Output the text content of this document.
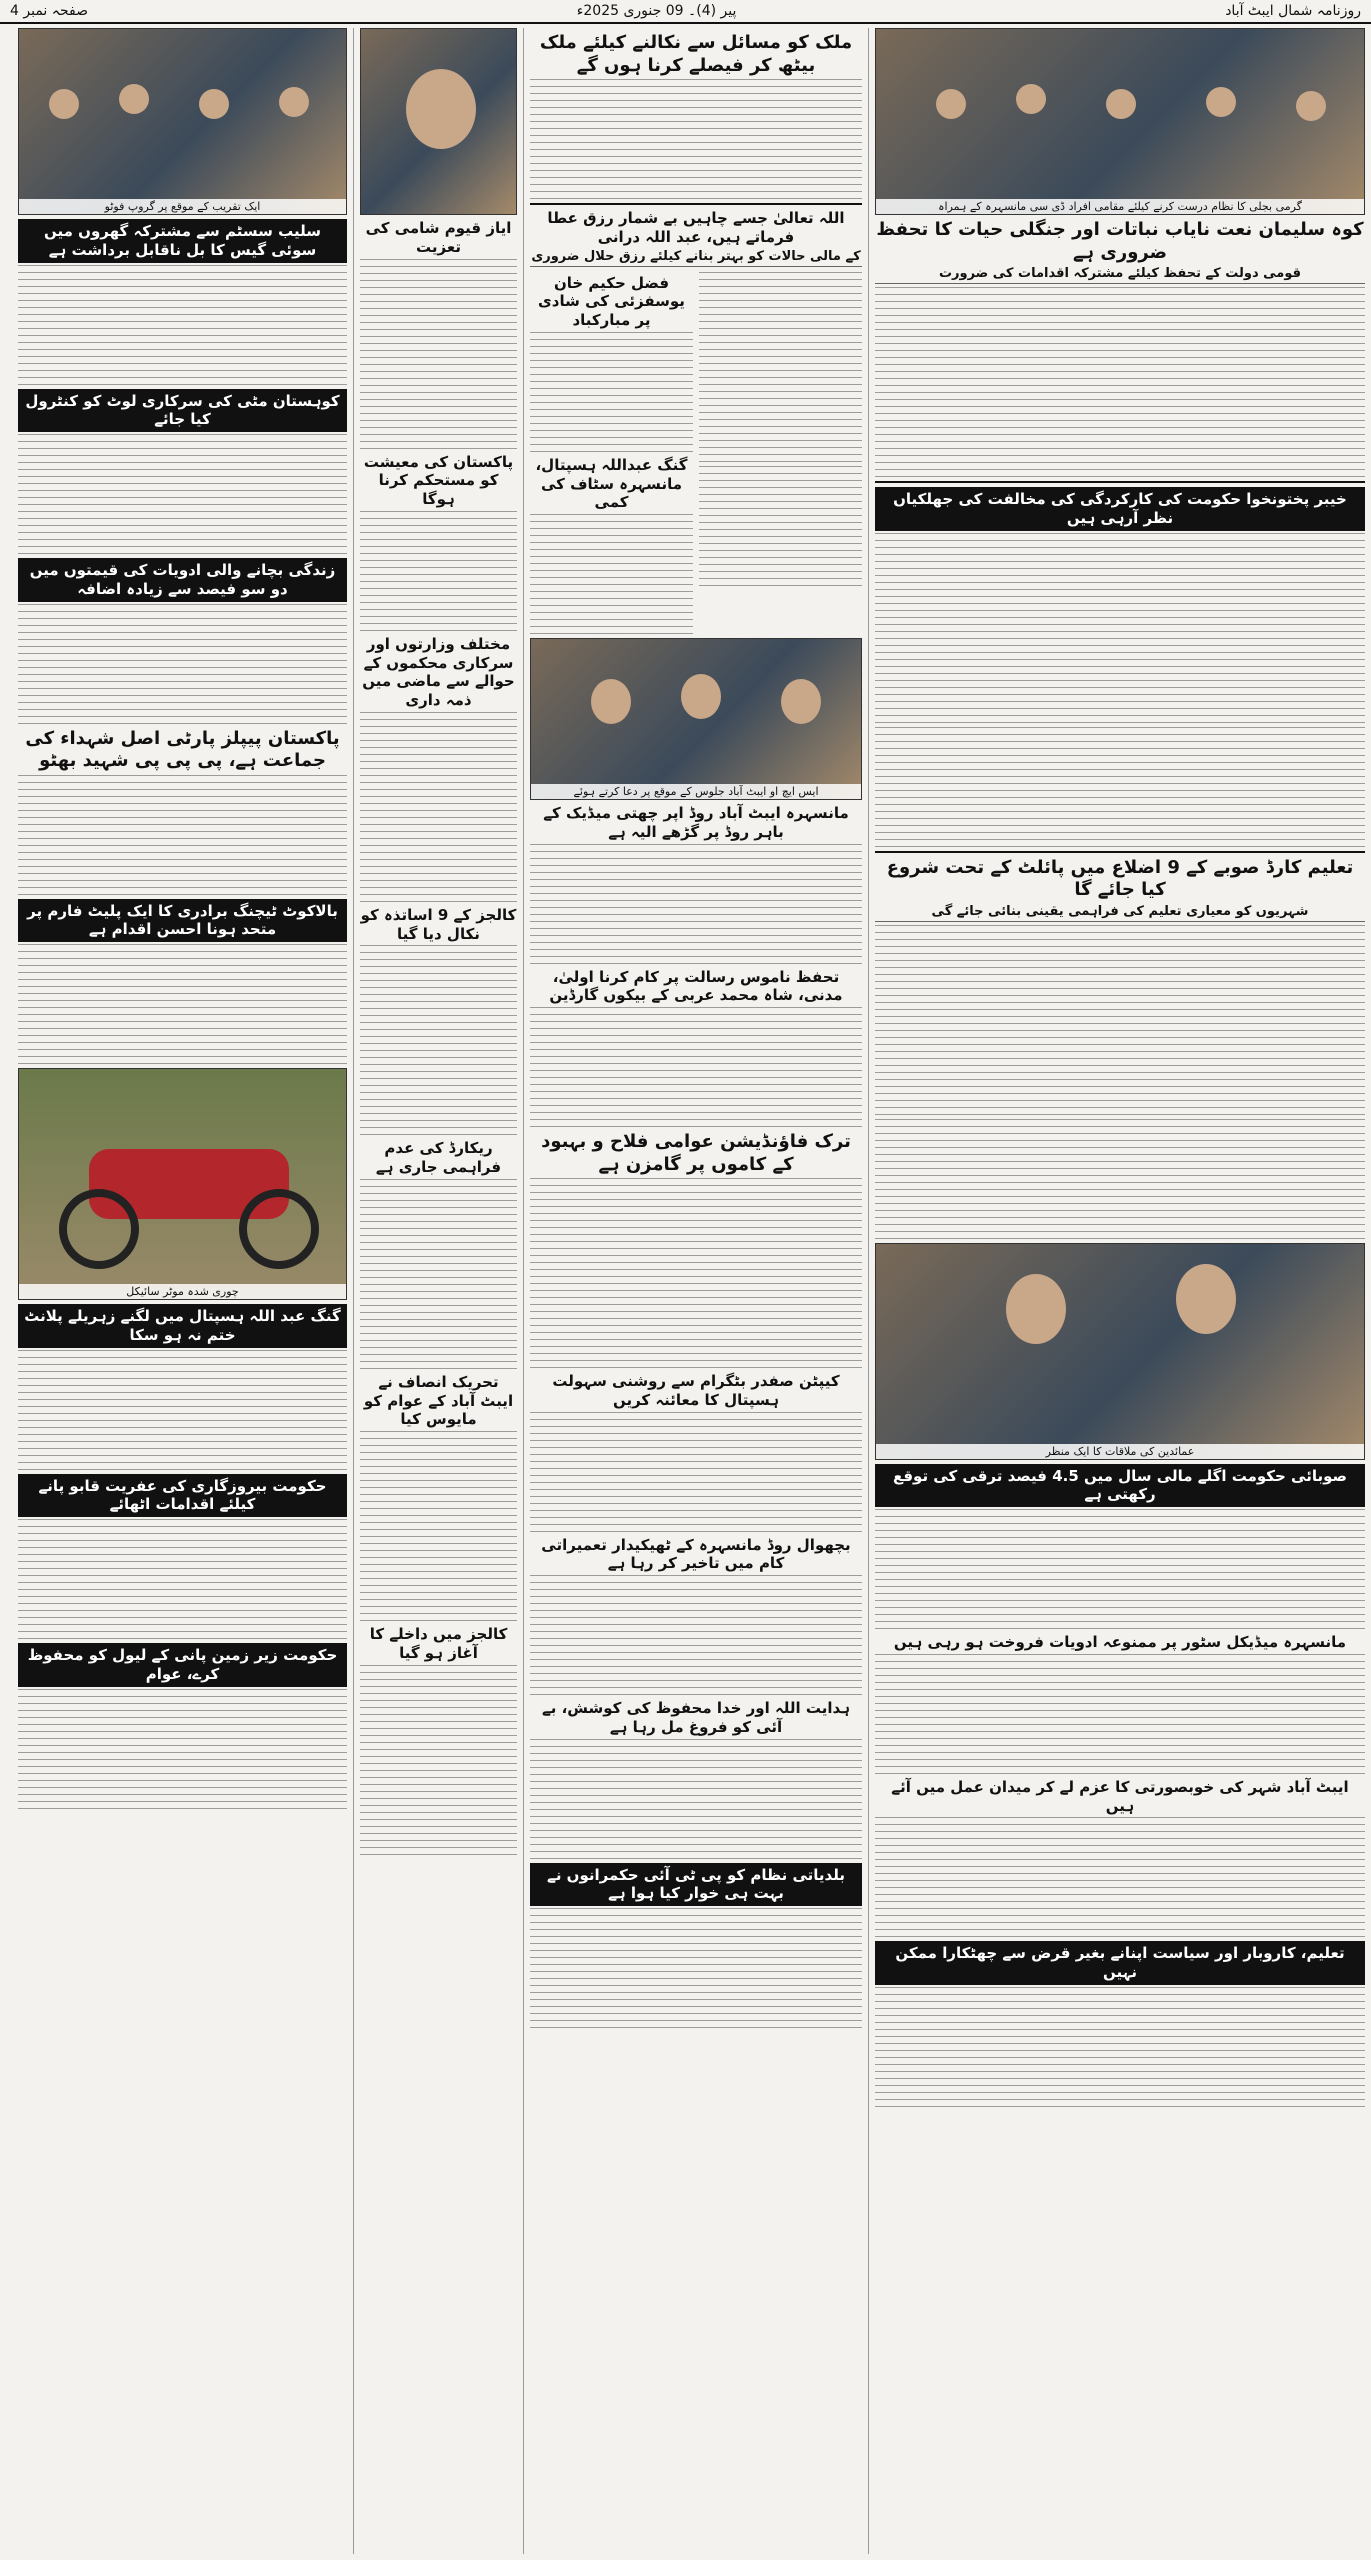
روزنامہ شمال ایبٹ آباد
پیر (4)۔ 09 جنوری 2025ء
صفحہ نمبر 4
گرمی بجلی کا نظام درست کرنے کیلئے مقامی افراد ڈی سی مانسہرہ کے ہمراہ
کوہ سلیمان نعت نایاب نباتات اور جنگلی حیات کا تحفظ ضروری ہے
قومی دولت کے تحفظ کیلئے مشترکہ اقدامات کی ضرورت
خیبر پختونخوا حکومت کی کارکردگی کی مخالفت کی جھلکیاں نظر آرہی ہیں
تعلیم کارڈ صوبے کے 9 اضلاع میں پائلٹ کے تحت شروع کیا جائے گا
شہریوں کو معیاری تعلیم کی فراہمی یقینی بنائی جائے گی
عمائدین کی ملاقات کا ایک منظر
صوبائی حکومت اگلے مالی سال میں 4.5 فیصد ترقی کی توقع رکھتی ہے
مانسہرہ میڈیکل سٹور پر ممنوعہ ادویات فروخت ہو رہی ہیں
ایبٹ آباد شہر کی خوبصورتی کا عزم لے کر میدان عمل میں آئے ہیں
تعلیم، کاروبار اور سیاست اپنانے بغیر قرض سے چھٹکارا ممکن نہیں
ملک کو مسائل سے نکالنے کیلئے ملک بیٹھ کر فیصلے کرنا ہوں گے
اللہ تعالیٰ جسے چاہیں بے شمار رزق عطا فرماتے ہیں، عبد اللہ درانی
کے مالی حالات کو بہتر بنانے کیلئے رزق حلال ضروری
فضل حکیم خان یوسفزئی کی شادی پر مبارکباد
گنگ عبداللہ ہسپتال، مانسہرہ سٹاف کی کمی
ایس ایچ او ایبٹ آباد جلوس کے موقع پر دعا کرتے ہوئے
مانسہرہ ایبٹ آباد روڈ اپر چھتی میڈیک کے باہر روڈ پر گڑھے الیہ ہے
تحفظ ناموس رسالت پر کام کرنا اولیٰ، مدنی، شاہ محمد عربی کے بیکوں گارڈین
ترک فاؤنڈیشن عوامی فلاح و بہبود کے کاموں پر گامزن ہے
کیپٹن صفدر بٹگرام سے روشنی سہولت ہسپتال کا معائنہ کریں
بچھوال روڈ مانسہرہ کے ٹھیکیدار تعمیراتی کام میں تاخیر کر رہا ہے
ہدایت اللہ اور خدا محفوظ کی کوشش، بے آئی کو فروغ مل رہا ہے
بلدیاتی نظام کو پی ٹی آئی حکمرانوں نے بہت ہی خوار کیا ہوا ہے
ایاز قیوم شامی کی تعزیت
پاکستان کی معیشت کو مستحکم کرنا ہوگا
مختلف وزارتوں اور سرکاری محکموں کے حوالے سے ماضی میں ذمہ داری
کالجز کے 9 اساتذہ کو نکال دیا گیا
ریکارڈ کی عدم فراہمی جاری ہے
تحریک انصاف نے ایبٹ آباد کے عوام کو مایوس کیا
کالجز میں داخلے کا آغاز ہو گیا
ایک تقریب کے موقع پر گروپ فوٹو
سلیب سسٹم سے مشترکہ گھروں میں سوئی گیس کا بل ناقابل برداشت ہے
کوہستان مٹی کی سرکاری لوٹ کو کنٹرول کیا جائے
زندگی بچانے والی ادویات کی قیمتوں میں دو سو فیصد سے زیادہ اضافہ
پاکستان پیپلز پارٹی اصل شہداء کی جماعت ہے، پی پی پی شہید بھٹو
بالاکوٹ ٹیچنگ برادری کا ایک پلیٹ فارم پر متحد ہونا احسن اقدام ہے
چوری شدہ موٹر سائیکل
گنگ عبد اللہ ہسپتال میں لگنے زہریلے پلانٹ ختم نہ ہو سکا
حکومت بیروزگاری کی عفریت قابو پانے کیلئے اقدامات اٹھائے
حکومت زیر زمین پانی کے لیول کو محفوظ کرے، عوام
